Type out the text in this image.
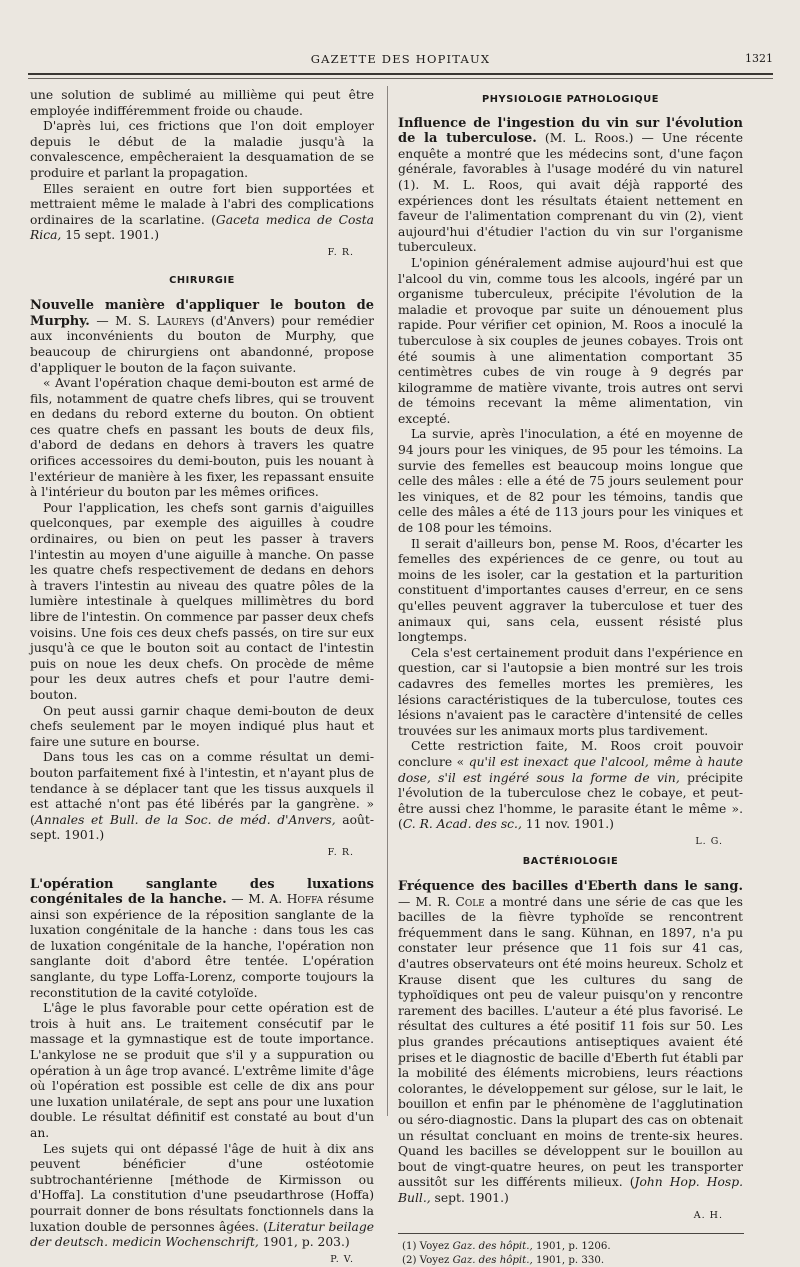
GAZETTE DES HOPITAUX	1321

une solution de sublimé au millième qui peut être employée indifféremment froide ou chaude.

D'après lui, ces frictions que l'on doit employer depuis le début de la maladie jusqu'à la convalescence, empêcheraient la desquamation de se produire et parlant la propagation.

Elles seraient en outre fort bien supportées et mettraient même le malade à l'abri des complications ordinaires de la scarlatine. (Gaceta medica de Costa Rica, 15 sept. 1901.)

F. R.

CHIRURGIE

Nouvelle manière d'appliquer le bouton de Murphy. — M. S. Laureys (d'Anvers) pour remédier aux inconvénients du bouton de Murphy, que beaucoup de chirurgiens ont abandonné, propose d'appliquer le bouton de la façon suivante.

« Avant l'opération chaque demi-bouton est armé de fils, notamment de quatre chefs libres, qui se trouvent en dedans du rebord externe du bouton. On obtient ces quatre chefs en passant les bouts de deux fils, d'abord de dedans en dehors à travers les quatre orifices accessoires du demi-bouton, puis les nouant à l'extérieur de manière à les fixer, les repassant ensuite à l'intérieur du bouton par les mêmes orifices.

Pour l'application, les chefs sont garnis d'aiguilles quelconques, par exemple des aiguilles à coudre ordinaires, ou bien on peut les passer à travers l'intestin au moyen d'une aiguille à manche. On passe les quatre chefs respectivement de dedans en dehors à travers l'intestin au niveau des quatre pôles de la lumière intestinale à quelques millimètres du bord libre de l'intestin. On commence par passer deux chefs voisins. Une fois ces deux chefs passés, on tire sur eux jusqu'à ce que le bouton soit au contact de l'intestin puis on noue les deux chefs. On procède de même pour les deux autres chefs et pour l'autre demi-bouton.

On peut aussi garnir chaque demi-bouton de deux chefs seulement par le moyen indiqué plus haut et faire une suture en bourse.

Dans tous les cas on a comme résultat un demi-bouton parfaitement fixé à l'intestin, et n'ayant plus de tendance à se déplacer tant que les tissus auxquels il est attaché n'ont pas été libérés par la gangrène. » (Annales et Bull. de la Soc. de méd. d'Anvers, août-sept. 1901.)

F. R.

L'opération sanglante des luxations congénitales de la hanche. — M. A. Hoffa résume ainsi son expérience de la réposition sanglante de la luxation congénitale de la hanche : dans tous les cas de luxation congénitale de la hanche, l'opération non sanglante doit d'abord être tentée. L'opération sanglante, du type Loffa-Lorenz, comporte toujours la reconstitution de la cavité cotyloïde.

L'âge le plus favorable pour cette opération est de trois à huit ans. Le traitement consécutif par le massage et la gymnastique est de toute importance. L'ankylose ne se produit que s'il y a suppuration ou opération à un âge trop avancé. L'extrême limite d'âge où l'opération est possible est celle de dix ans pour une luxation unilatérale, de sept ans pour une luxation double. Le résultat définitif est constaté au bout d'un an.

Les sujets qui ont dépassé l'âge de huit à dix ans peuvent bénéficier d'une ostéotomie subtrochantérienne [méthode de Kirmisson ou d'Hoffa]. La constitution d'une pseudarthrose (Hoffa) pourrait donner de bons résultats fonctionnels dans la luxation double de personnes âgées. (Literatur beilage der deutsch. medicin Wochenschrift, 1901, p. 203.)

P. V.

PHYSIOLOGIE PATHOLOGIQUE

Influence de l'ingestion du vin sur l'évolution de la tuberculose. (M. L. Roos.) — Une récente enquête a montré que les médecins sont, d'une façon générale, favorables à l'usage modéré du vin naturel (1). M. L. Roos, qui avait déjà rapporté des expériences dont les résultats étaient nettement en faveur de l'alimentation comprenant du vin (2), vient aujourd'hui d'étudier l'action du vin sur l'organisme tuberculeux.

L'opinion généralement admise aujourd'hui est que l'alcool du vin, comme tous les alcools, ingéré par un organisme tuberculeux, précipite l'évolution de la maladie et provoque par suite un dénouement plus rapide. Pour vérifier cet opinion, M. Roos a inoculé la tuberculose à six couples de jeunes cobayes. Trois ont été soumis à une alimentation comportant 35 centimètres cubes de vin rouge à 9 degrés par kilogramme de matière vivante, trois autres ont servi de témoins recevant la même alimentation, vin excepté.

La survie, après l'inoculation, a été en moyenne de 94 jours pour les viniques, de 95 pour les témoins. La survie des femelles est beaucoup moins longue que celle des mâles : elle a été de 75 jours seulement pour les viniques, et de 82 pour les témoins, tandis que celle des mâles a été de 113 jours pour les viniques et de 108 pour les témoins.

Il serait d'ailleurs bon, pense M. Roos, d'écarter les femelles des expériences de ce genre, ou tout au moins de les isoler, car la gestation et la parturition constituent d'importantes causes d'erreur, en ce sens qu'elles peuvent aggraver la tuberculose et tuer des animaux qui, sans cela, eussent résisté plus longtemps.

Cela s'est certainement produit dans l'expérience en question, car si l'autopsie a bien montré sur les trois cadavres des femelles mortes les premières, les lésions caractéristiques de la tuberculose, toutes ces lésions n'avaient pas le caractère d'intensité de celles trouvées sur les animaux morts plus tardivement.

Cette restriction faite, M. Roos croit pouvoir conclure « qu'il est inexact que l'alcool, même à haute dose, s'il est ingéré sous la forme de vin, précipite l'évolution de la tuberculose chez le cobaye, et peut-être aussi chez l'homme, le parasite étant le même ». (C. R. Acad. des sc., 11 nov. 1901.)

L. G.

BACTÉRIOLOGIE

Fréquence des bacilles d'Eberth dans le sang. — M. R. Cole a montré dans une série de cas que les bacilles de la fièvre typhoïde se rencontrent fréquemment dans le sang. Kühnan, en 1897, n'a pu constater leur présence que 11 fois sur 41 cas, d'autres observateurs ont été moins heureux. Scholz et Krause disent que les cultures du sang de typhoïdiques ont peu de valeur puisqu'on y rencontre rarement des bacilles. L'auteur a été plus favorisé. Le résultat des cultures a été positif 11 fois sur 50. Les plus grandes précautions antiseptiques avaient été prises et le diagnostic de bacille d'Eberth fut établi par la mobilité des éléments microbiens, leurs réactions colorantes, le développement sur gélose, sur le lait, le bouillon et enfin par le phénomène de l'agglutination ou séro-diagnostic. Dans la plupart des cas on obtenait un résultat concluant en moins de trente-six heures. Quand les bacilles se développent sur le bouillon au bout de vingt-quatre heures, on peut les transporter aussitôt sur les différents milieux. (John Hop. Hosp. Bull., sept. 1901.)

A. H.

(1) Voyez Gaz. des hôpit., 1901, p. 1206.

(2) Voyez Gaz. des hôpit., 1901, p. 330.
